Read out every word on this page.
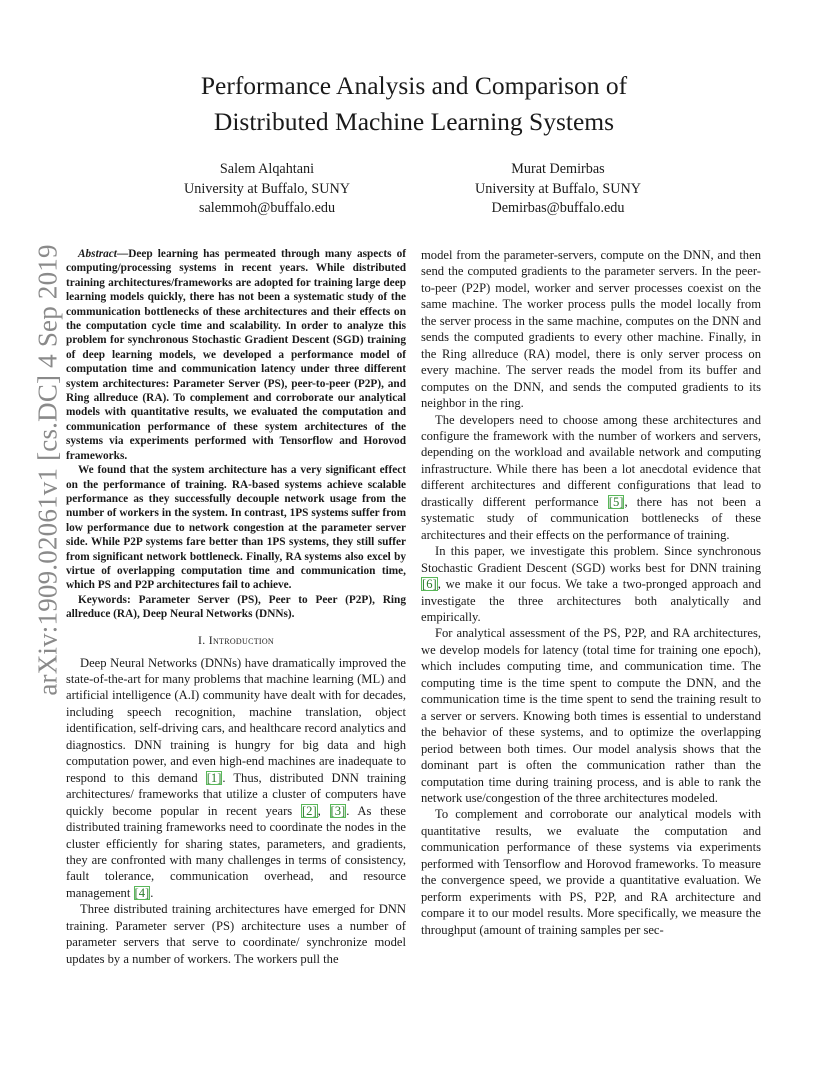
Performance Analysis and Comparison of
Distributed Machine Learning Systems
Salem Alqahtani
University at Buffalo, SUNY
salemmoh@buffalo.edu
Murat Demirbas
University at Buffalo, SUNY
Demirbas@buffalo.edu
arXiv:1909.02061v1 [cs.DC] 4 Sep 2019	Abstract—Deep learning has permeated through many aspects of computing/processing systems in recent years. While distributed training architectures/frameworks are adopted for training large deep learning models quickly, there has not been a systematic study of the communication bottlenecks of these architectures and their effects on the computation cycle time and scalability. In order to analyze this problem for synchronous Stochastic Gradient Descent (SGD) training of deep learning models, we developed a performance model of computation time and communication latency under three different system architectures: Parameter Server (PS), peer-to-peer (P2P), and Ring allreduce (RA). To complement and corroborate our analytical models with quantitative results, we evaluated the computation and communication performance of these system architectures of the systems via experiments performed with Tensorflow and Horovod frameworks.

We found that the system architecture has a very significant effect on the performance of training. RA-based systems achieve scalable performance as they successfully decouple network usage from the number of workers in the system. In contrast, 1PS systems suffer from low performance due to network congestion at the parameter server side. While P2P systems fare better than 1PS systems, they still suffer from significant network bottleneck. Finally, RA systems also excel by virtue of overlapping computation time and communication time, which PS and P2P architectures fail to achieve.

Keywords: Parameter Server (PS), Peer to Peer (P2P), Ring allreduce (RA), Deep Neural Networks (DNNs).

I. Introduction

Deep Neural Networks (DNNs) have dramatically improved the state-of-the-art for many problems that machine learning (ML) and artificial intelligence (A.I) community have dealt with for decades, including speech recognition, machine translation, object identification, self-driving cars, and healthcare record analytics and diagnostics. DNN training is hungry for big data and high computation power, and even high-end machines are inadequate to respond to this demand [1]. Thus, distributed DNN training architectures/ frameworks that utilize a cluster of computers have quickly become popular in recent years [2], [3]. As these distributed training frameworks need to coordinate the nodes in the cluster efficiently for sharing states, parameters, and gradients, they are confronted with many challenges in terms of consistency, fault tolerance, communication overhead, and resource management [4].

Three distributed training architectures have emerged for DNN training. Parameter server (PS) architecture uses a number of parameter servers that serve to coordinate/ synchronize model updates by a number of workers. The workers pull the

model from the parameter-servers, compute on the DNN, and then send the computed gradients to the parameter servers. In the peer-to-peer (P2P) model, worker and server processes coexist on the same machine. The worker process pulls the model locally from the server process in the same machine, computes on the DNN and sends the computed gradients to every other machine. Finally, in the Ring allreduce (RA) model, there is only server process on every machine. The server reads the model from its buffer and computes on the DNN, and sends the computed gradients to its neighbor in the ring.

The developers need to choose among these architectures and configure the framework with the number of workers and servers, depending on the workload and available network and computing infrastructure. While there has been a lot anecdotal evidence that different architectures and different configurations that lead to drastically different performance [5], there has not been a systematic study of communication bottlenecks of these architectures and their effects on the performance of training.

In this paper, we investigate this problem. Since synchronous Stochastic Gradient Descent (SGD) works best for DNN training [6], we make it our focus. We take a two-pronged approach and investigate the three architectures both analytically and empirically.

For analytical assessment of the PS, P2P, and RA architectures, we develop models for latency (total time for training one epoch), which includes computing time, and communication time. The computing time is the time spent to compute the DNN, and the communication time is the time spent to send the training result to a server or servers. Knowing both times is essential to understand the behavior of these systems, and to optimize the overlapping period between both times. Our model analysis shows that the dominant part is often the communication rather than the computation time during training process, and is able to rank the network use/congestion of the three architectures modeled.

To complement and corroborate our analytical models with quantitative results, we evaluate the computation and communication performance of these systems via experiments performed with Tensorflow and Horovod frameworks. To measure the convergence speed, we provide a quantitative evaluation. We perform experiments with PS, P2P, and RA architecture and compare it to our model results. More specifically, we measure the throughput (amount of training samples per sec-
